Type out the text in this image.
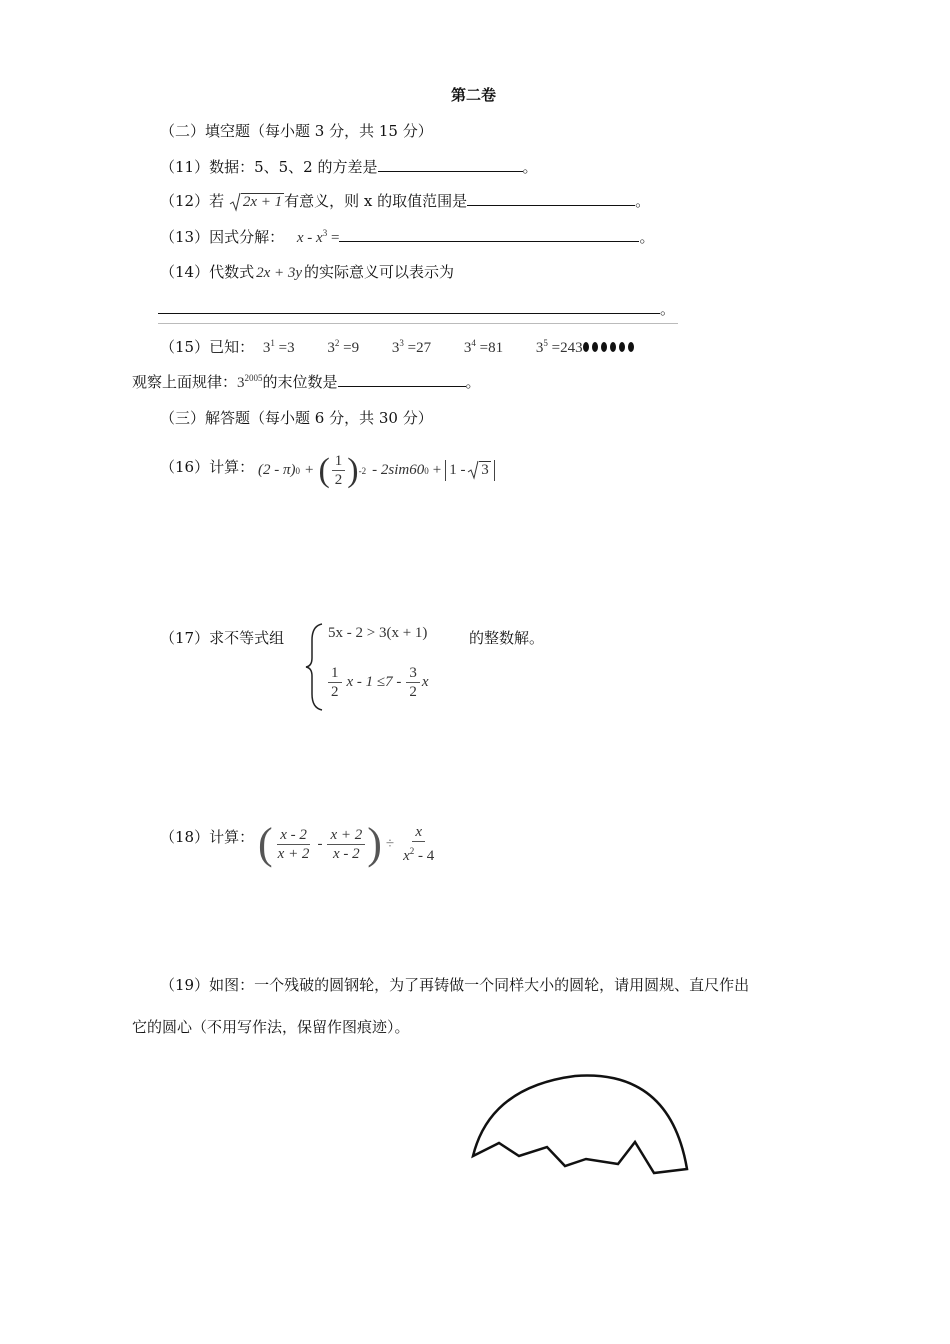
第二卷
（二）填空题（每小题 3 分，共 15 分）
（11）数据：5、5、2 的方差是	。
（12）若 2x + 1 有意义，则 x 的取值范围是	。
（13）因式分解： x - $x^3$ =	。
（14）代数式 2x + 3y 的实际意义可以表示为
。
（15）已知： $3^1 =3$ $3^2 =9$ $3^3 =27$ $3^4 =81$ $3^5 =243$
观察上面规律：$3^{2005}$的末位数是	。
（三）解答题（每小题 6 分，共 30 分）
（16）计算： (2 - π) 0 + ( $\frac{1}{2}$ ) -2 - 2sim60 0 + 1 - 3
（17）求不等式组	5x - 2 > 3(x + 1)	的整数解。
$\frac{1}{2}$ $x - 1 \le 7 - \frac{3}{2}$ x
（18）计算： ( $\frac{x - 2}{x + 2} - \frac{x + 2}{x - 2}$ ) ÷ $\frac{x}{x^2 - 4}$
（19）如图：一个残破的圆钢轮，为了再铸做一个同样大小的圆轮，请用圆规、直尺作出
它的圆心（不用写作法，保留作图痕迹）。
